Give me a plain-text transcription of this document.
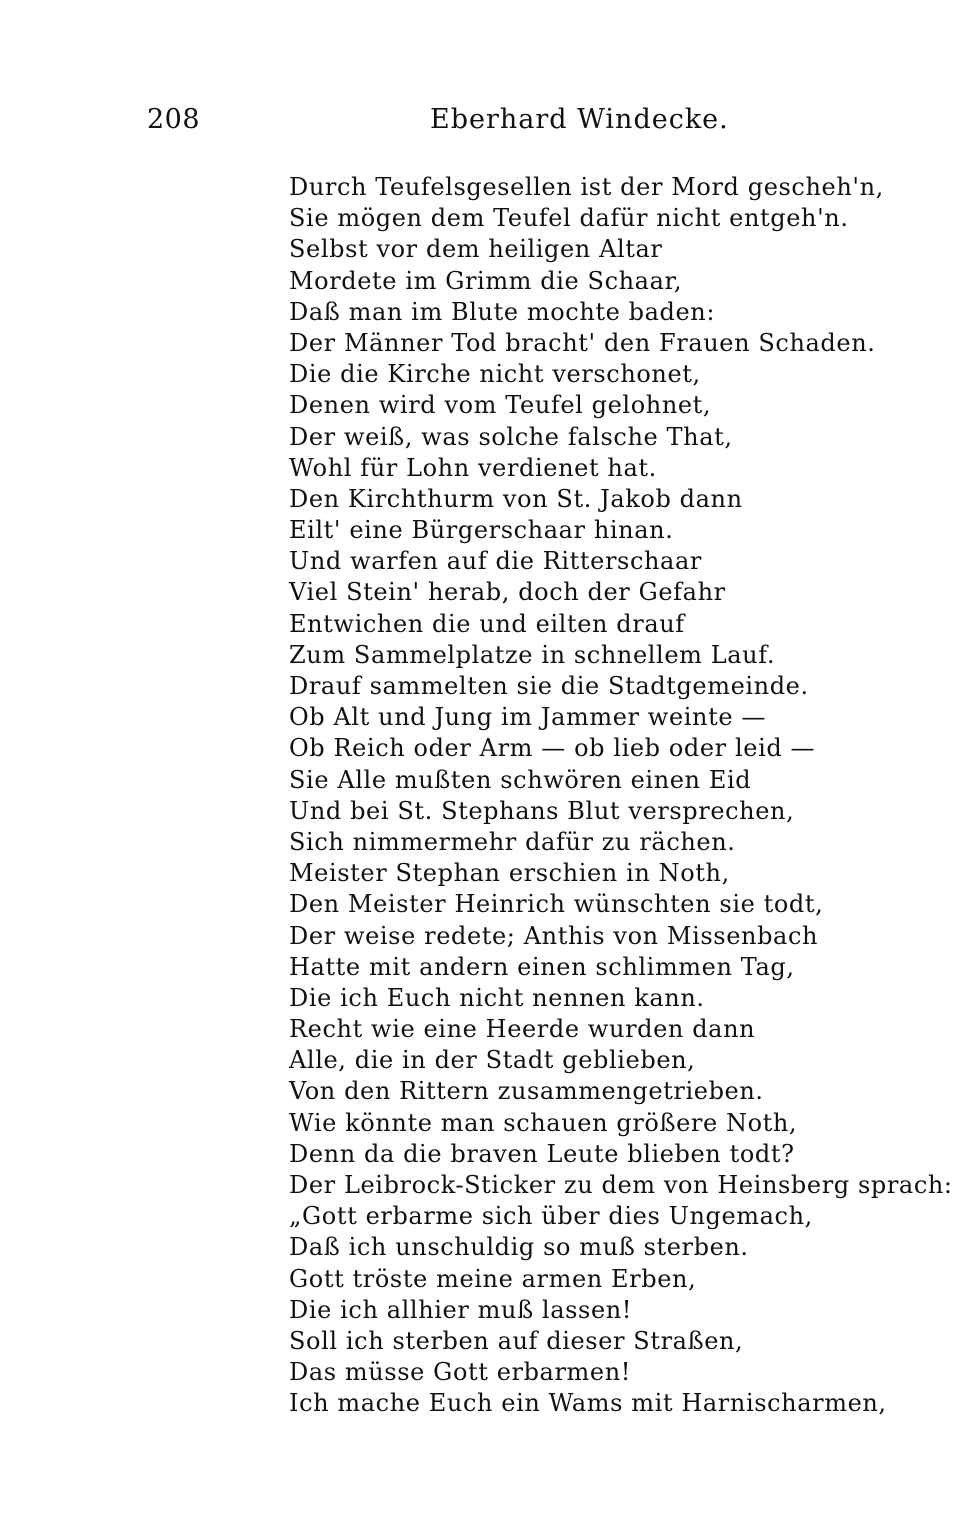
208	Eberhard Windecke.
Durch Teufelsgesellen ist der Mord gescheh'n,
Sie mögen dem Teufel dafür nicht entgeh'n.
Selbst vor dem heiligen Altar
Mordete im Grimm die Schaar,
Daß man im Blute mochte baden:
Der Männer Tod bracht' den Frauen Schaden.
Die die Kirche nicht verschonet,
Denen wird vom Teufel gelohnet,
Der weiß, was solche falsche That,
Wohl für Lohn verdienet hat.
Den Kirchthurm von St. Jakob dann
Eilt' eine Bürgerschaar hinan.
Und warfen auf die Ritterschaar
Viel Stein' herab, doch der Gefahr
Entwichen die und eilten drauf
Zum Sammelplatze in schnellem Lauf.
Drauf sammelten sie die Stadtgemeinde.
Ob Alt und Jung im Jammer weinte —
Ob Reich oder Arm — ob lieb oder leid —
Sie Alle mußten schwören einen Eid
Und bei St. Stephans Blut versprechen,
Sich nimmermehr dafür zu rächen.
Meister Stephan erschien in Noth,
Den Meister Heinrich wünschten sie todt,
Der weise redete; Anthis von Missenbach
Hatte mit andern einen schlimmen Tag,
Die ich Euch nicht nennen kann.
Recht wie eine Heerde wurden dann
Alle, die in der Stadt geblieben,
Von den Rittern zusammengetrieben.
Wie könnte man schauen größere Noth,
Denn da die braven Leute blieben todt?
Der Leibrock-Sticker zu dem von Heinsberg sprach:
„Gott erbarme sich über dies Ungemach,
Daß ich unschuldig so muß sterben.
Gott tröste meine armen Erben,
Die ich allhier muß lassen!
Soll ich sterben auf dieser Straßen,
Das müsse Gott erbarmen!
Ich mache Euch ein Wams mit Harnischarmen,
